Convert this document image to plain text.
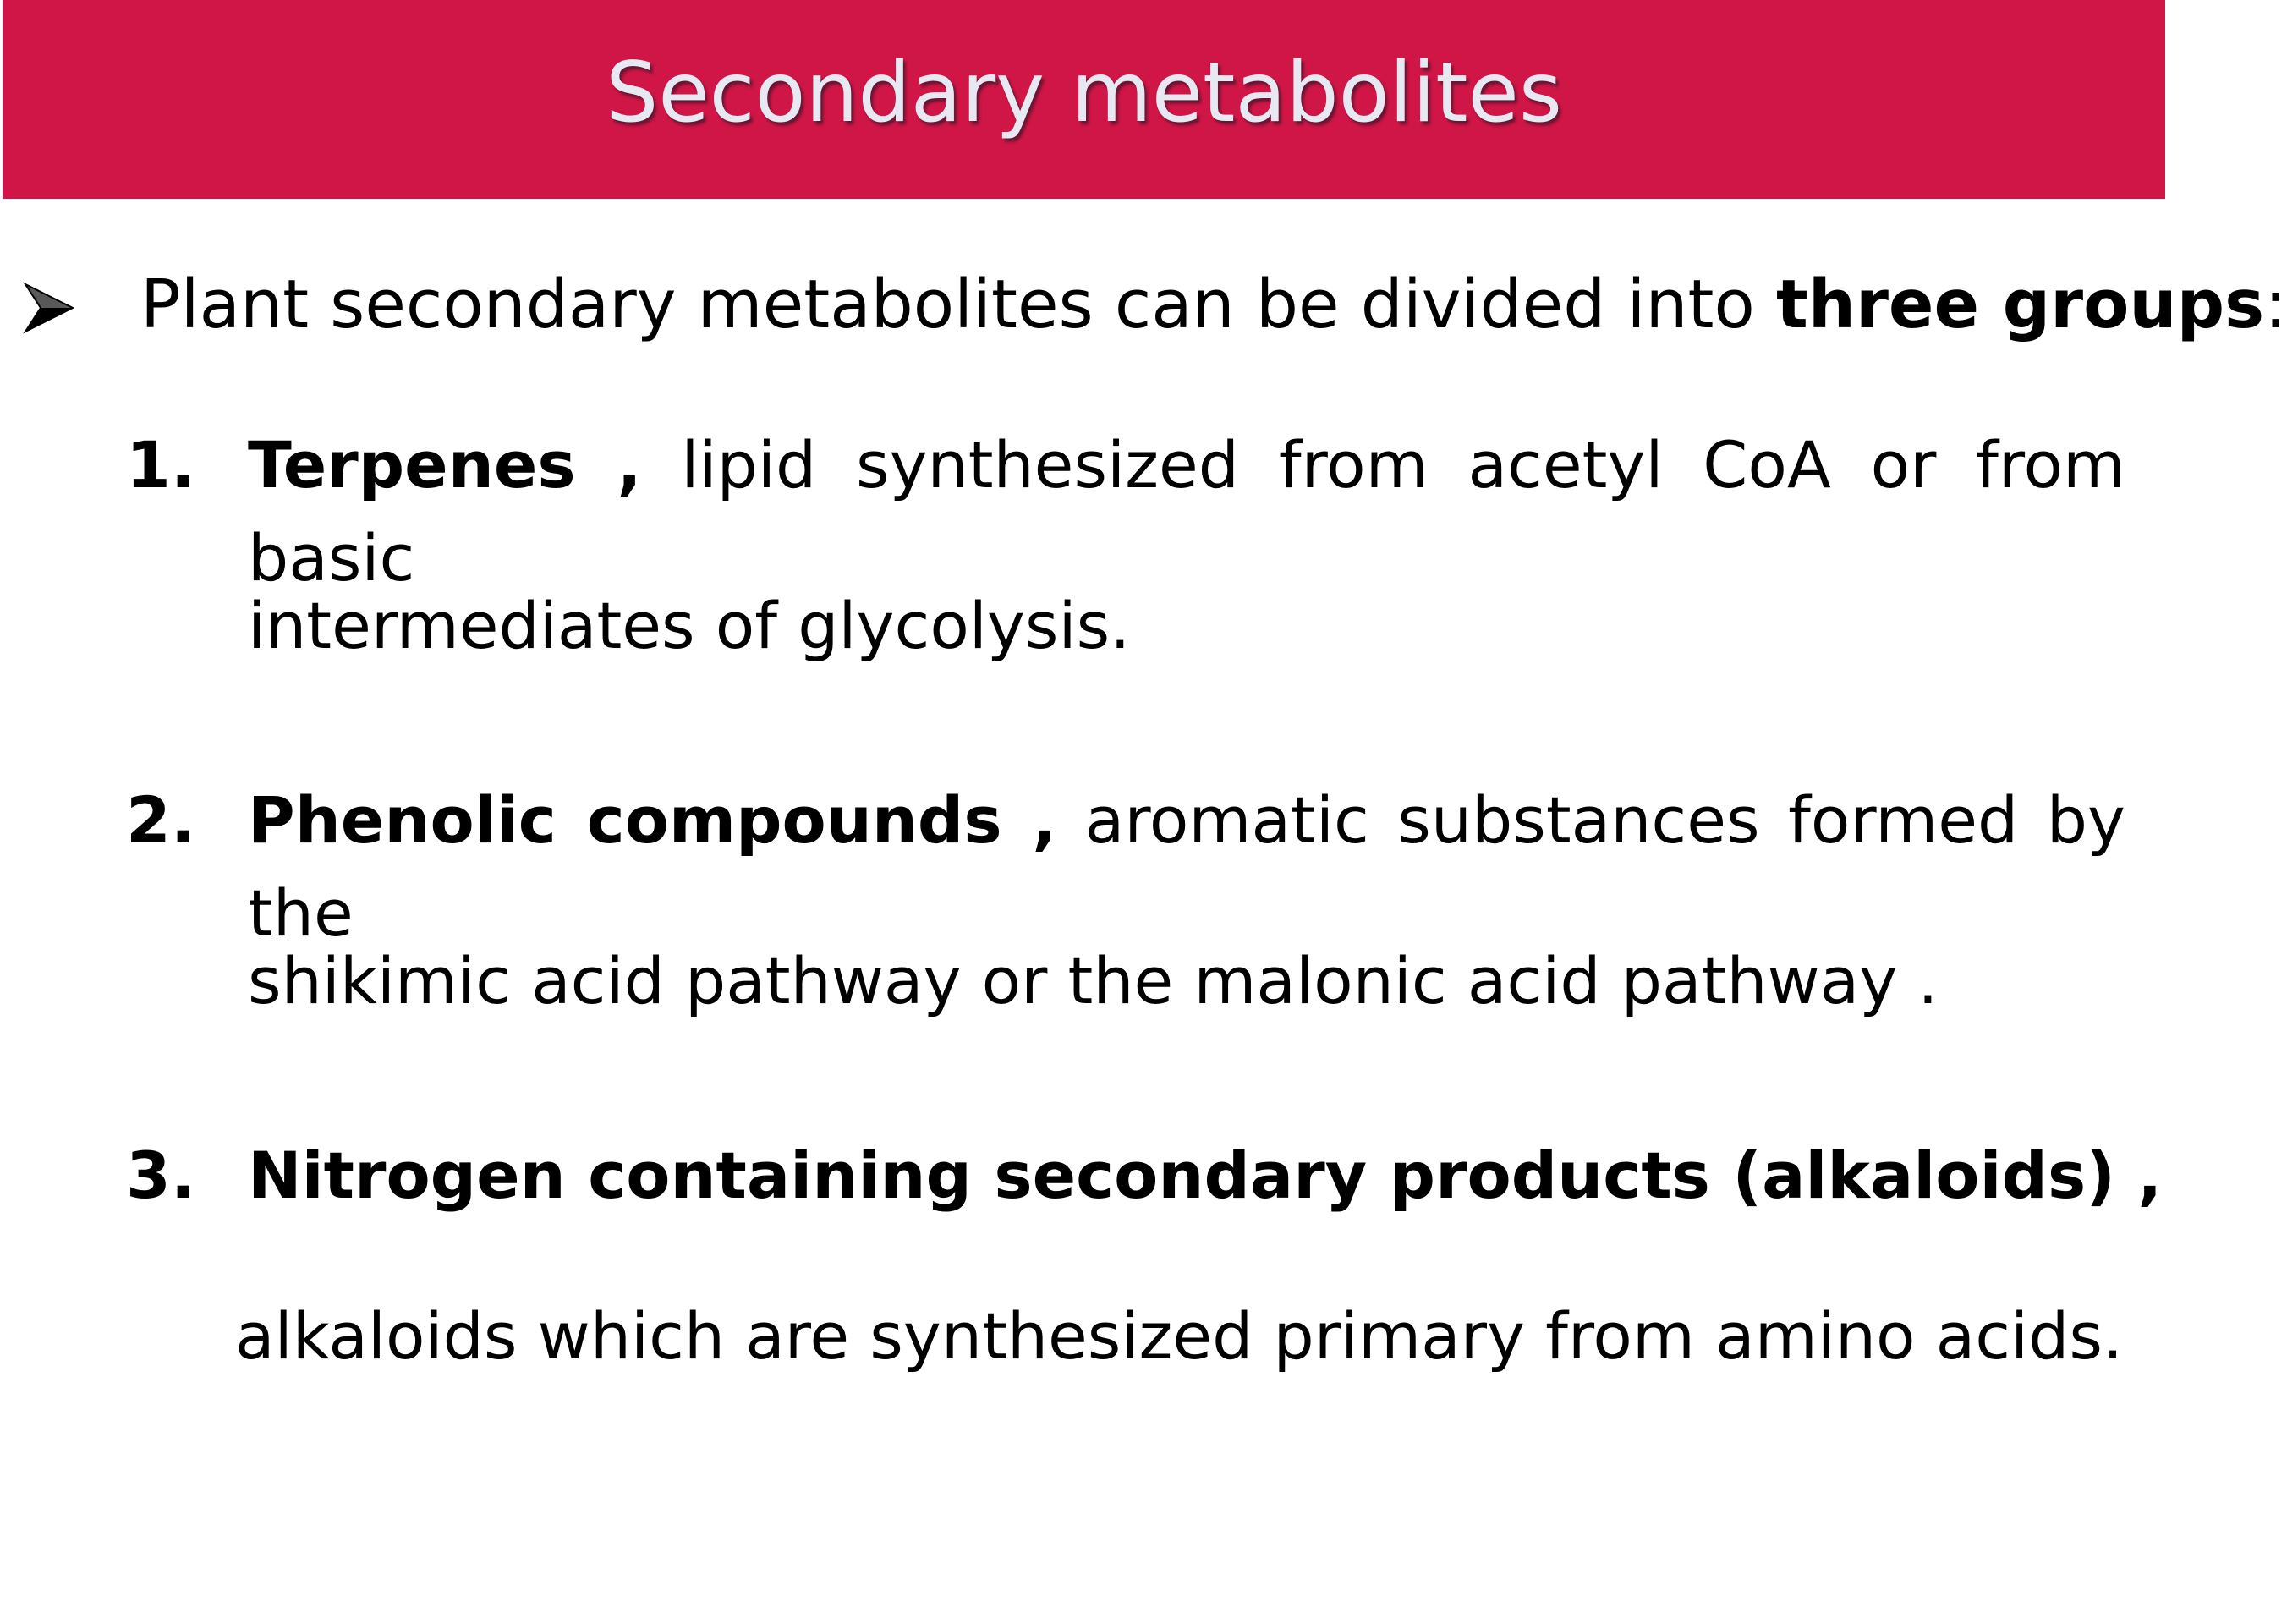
Secondary metabolites
Plant secondary metabolites can be divided into three groups:
1. Terpenes , lipid synthesized from acetyl CoA or from basic
intermediates of glycolysis.
2. Phenolic compounds , aromatic substances formed by the
shikimic acid pathway or the malonic acid pathway .
3. Nitrogen containing secondary products (alkaloids) ,
alkaloids which are synthesized primary from amino acids.
